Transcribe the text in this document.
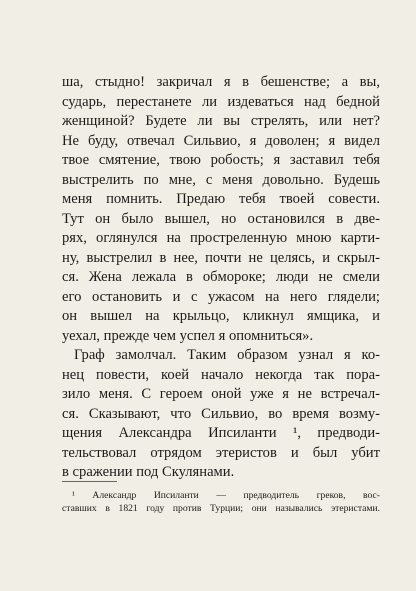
ша, стыдно! закричал я в бешенстве; а вы,
сударь, перестанете ли издеваться над бедной
женщиной? Будете ли вы стрелять, или нет?
Не буду, отвечал Сильвио, я доволен; я видел
твое смятение, твою робость; я заставил тебя
выстрелить по мне, с меня довольно. Будешь
меня помнить. Предаю тебя твоей совести.
Тут он было вышел, но остановился в две-
рях, оглянулся на простреленную мною карти-
ну, выстрелил в нее, почти не целясь, и скрыл-
ся. Жена лежала в обмороке; люди не смели
его остановить и с ужасом на него глядели;
он вышел на крыльцо, кликнул ямщика, и
уехал, прежде чем успел я опомниться».
Граф замолчал. Таким образом узнал я ко-
нец повести, коей начало некогда так пора-
зило меня. С героем оной уже я не встречал-
ся. Сказывают, что Сильвио, во время возму-
щения Александра Ипсиланти ¹, предводи-
тельствовал отрядом этеристов и был убит
в сражении под Скулянами.
¹ Александр Ипсиланти — предводитель греков, вос-
ставших в 1821 году против Турции; они назывались этеристами.
